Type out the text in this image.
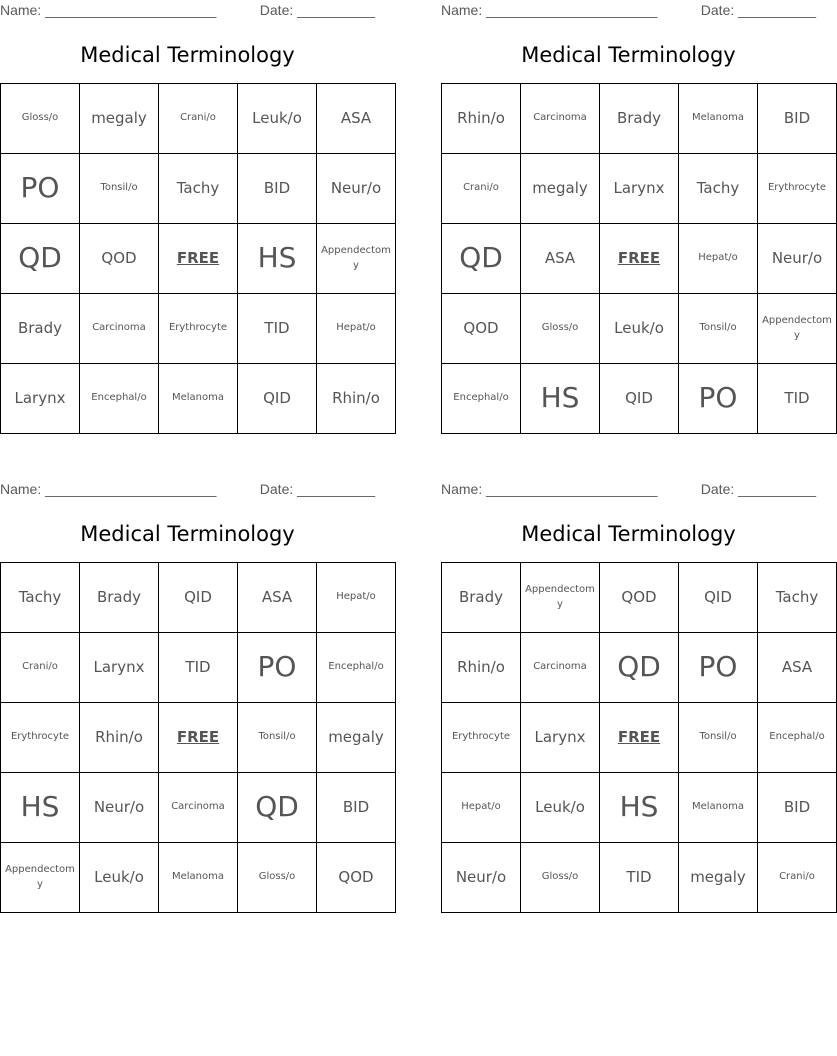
Name: ______________________	Date: __________
Medical Terminology
Gloss/o	megaly	Crani/o	Leuk/o	ASA
PO	Tonsil/o	Tachy	BID	Neur/o
QD	QOD	FREE	HS	Appendectomy
Brady	Carcinoma	Erythrocyte	TID	Hepat/o
Larynx	Encephal/o	Melanoma	QID	Rhin/o
Name: ______________________	Date: __________
Medical Terminology
Rhin/o	Carcinoma	Brady	Melanoma	BID
Crani/o	megaly	Larynx	Tachy	Erythrocyte
QD	ASA	FREE	Hepat/o	Neur/o
QOD	Gloss/o	Leuk/o	Tonsil/o	Appendectomy
Encephal/o	HS	QID	PO	TID
Name: ______________________	Date: __________
Medical Terminology
Tachy	Brady	QID	ASA	Hepat/o
Crani/o	Larynx	TID	PO	Encephal/o
Erythrocyte	Rhin/o	FREE	Tonsil/o	megaly
HS	Neur/o	Carcinoma	QD	BID
Appendectomy	Leuk/o	Melanoma	Gloss/o	QOD
Name: ______________________	Date: __________
Medical Terminology
Brady	Appendectomy	QOD	QID	Tachy
Rhin/o	Carcinoma	QD	PO	ASA
Erythrocyte	Larynx	FREE	Tonsil/o	Encephal/o
Hepat/o	Leuk/o	HS	Melanoma	BID
Neur/o	Gloss/o	TID	megaly	Crani/o
